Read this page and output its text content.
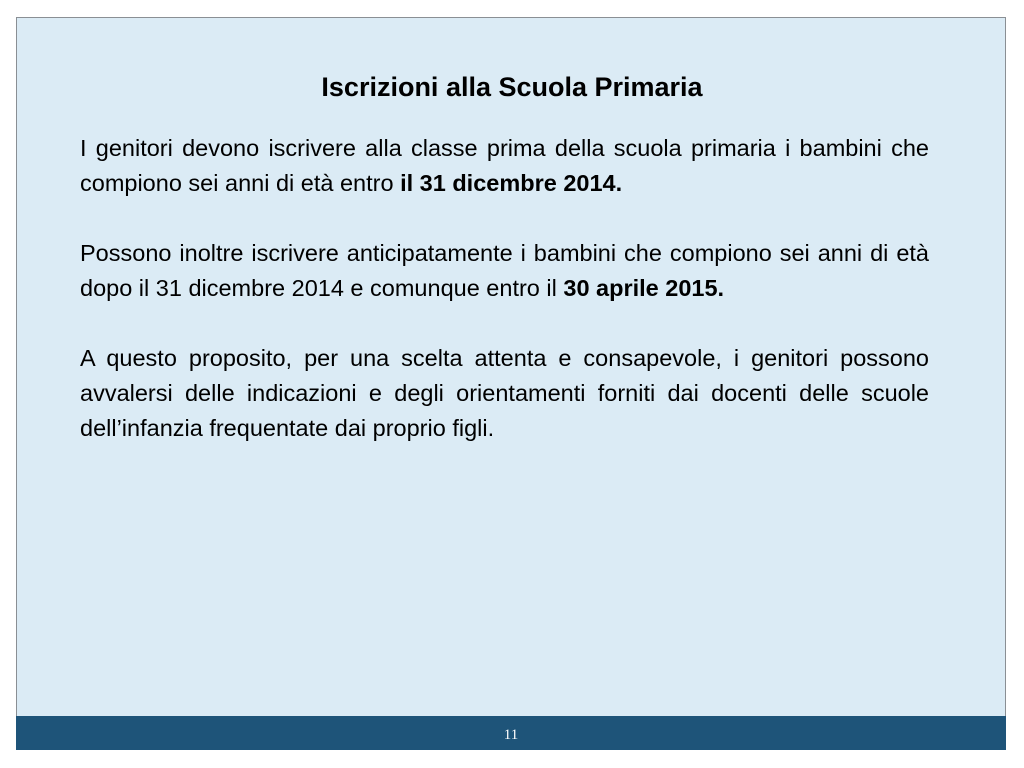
Iscrizioni alla Scuola Primaria

I genitori devono iscrivere alla classe prima della scuola primaria i bambini che compiono sei anni di età entro il 31 dicembre 2014.

Possono inoltre iscrivere anticipatamente i bambini che compiono sei anni di età dopo il 31 dicembre 2014 e comunque entro il 30 aprile 2015.

A questo proposito, per una scelta attenta e consapevole, i genitori possono avvalersi delle indicazioni e degli orientamenti forniti dai docenti delle scuole dell’infanzia frequentate dai proprio figli.

11
